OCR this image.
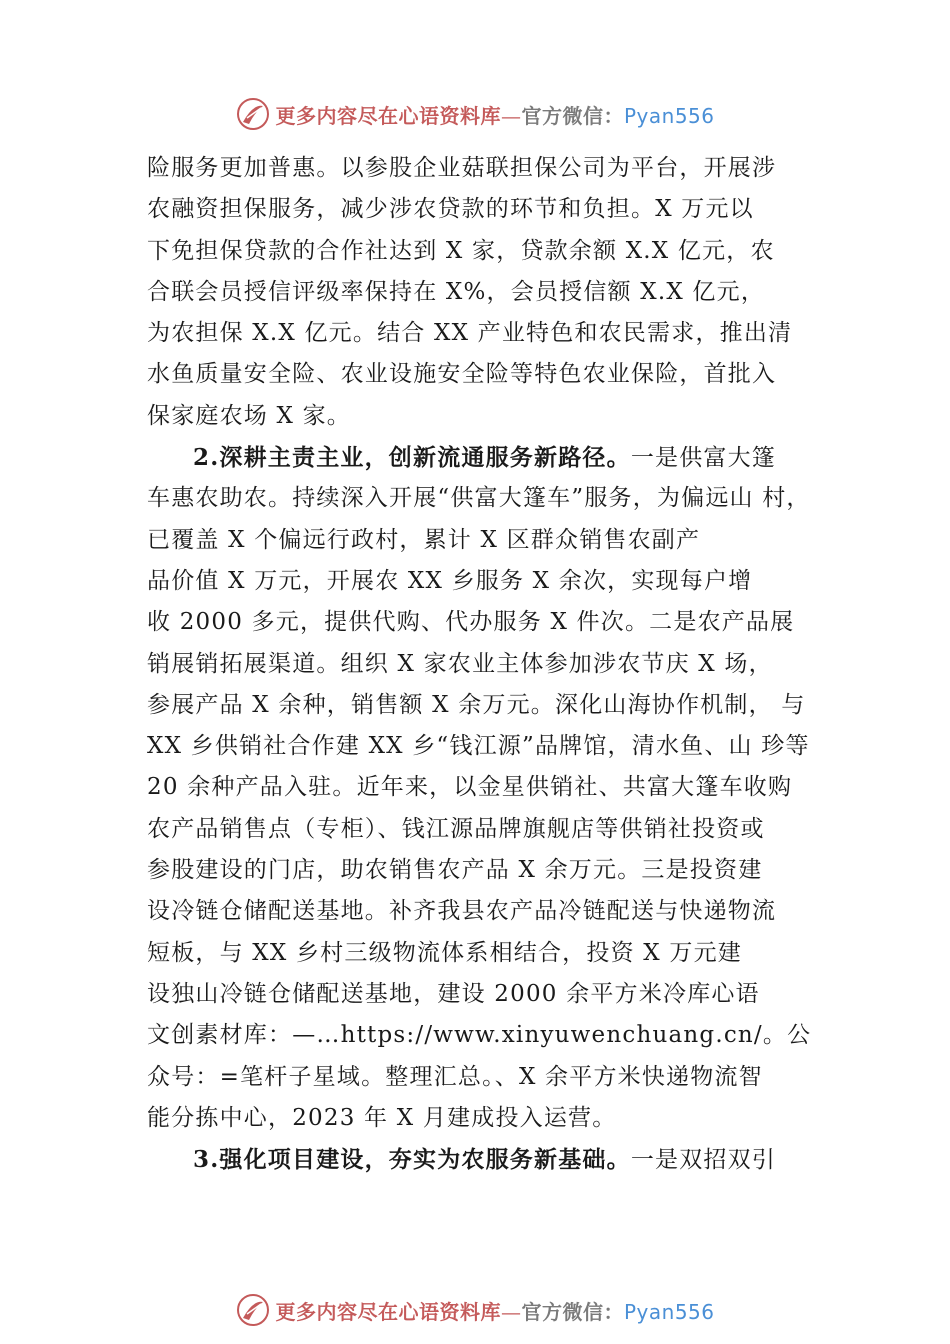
更多内容尽在心语资料库—官方微信：Pyan556
险服务更加普惠。以参股企业菇联担保公司为平台，开展涉
农融资担保服务，减少涉农贷款的环节和负担。X 万元以
下免担保贷款的合作社达到 X 家，贷款余额 X.X 亿元，农
合联会员授信评级率保持在 X%，会员授信额 X.X 亿元，
为农担保 X.X 亿元。结合 XX 产业特色和农民需求，推出清
水鱼质量安全险、农业设施安全险等特色农业保险，首批入
保家庭农场 X 家。
2.深耕主责主业，创新流通服务新路径。一是供富大篷
车惠农助农。持续深入开展“供富大篷车”服务，为偏远山 村，
已覆盖 X 个偏远行政村，累计 X 区群众销售农副产
品价值 X 万元，开展农 XX 乡服务 X 余次，实现每户增
收 2000 多元，提供代购、代办服务 X 件次。二是农产品展
销展销拓展渠道。组织 X 家农业主体参加涉农节庆 X 场，
参展产品 X 余种，销售额 X 余万元。深化山海协作机制， 与
XX 乡供销社合作建 XX 乡“钱江源”品牌馆，清水鱼、山 珍等
20 余种产品入驻。近年来，以金星供销社、共富大篷车收购
农产品销售点（专柜）、钱江源品牌旗舰店等供销社投资或
参股建设的门店，助农销售农产品 X 余万元。三是投资建
设冷链仓储配送基地。补齐我县农产品冷链配送与快递物流
短板，与 XX 乡村三级物流体系相结合，投资 X 万元建
设独山冷链仓储配送基地，建设 2000 余平方米冷库心语
文创素材库：—…https://www.xinyuwenchuang.cn/。公
众号：=笔杆子星域。整理汇总。、X 余平方米快递物流智
能分拣中心，2023 年 X 月建成投入运营。
3.强化项目建设，夯实为农服务新基础。一是双招双引
更多内容尽在心语资料库—官方微信：Pyan556
